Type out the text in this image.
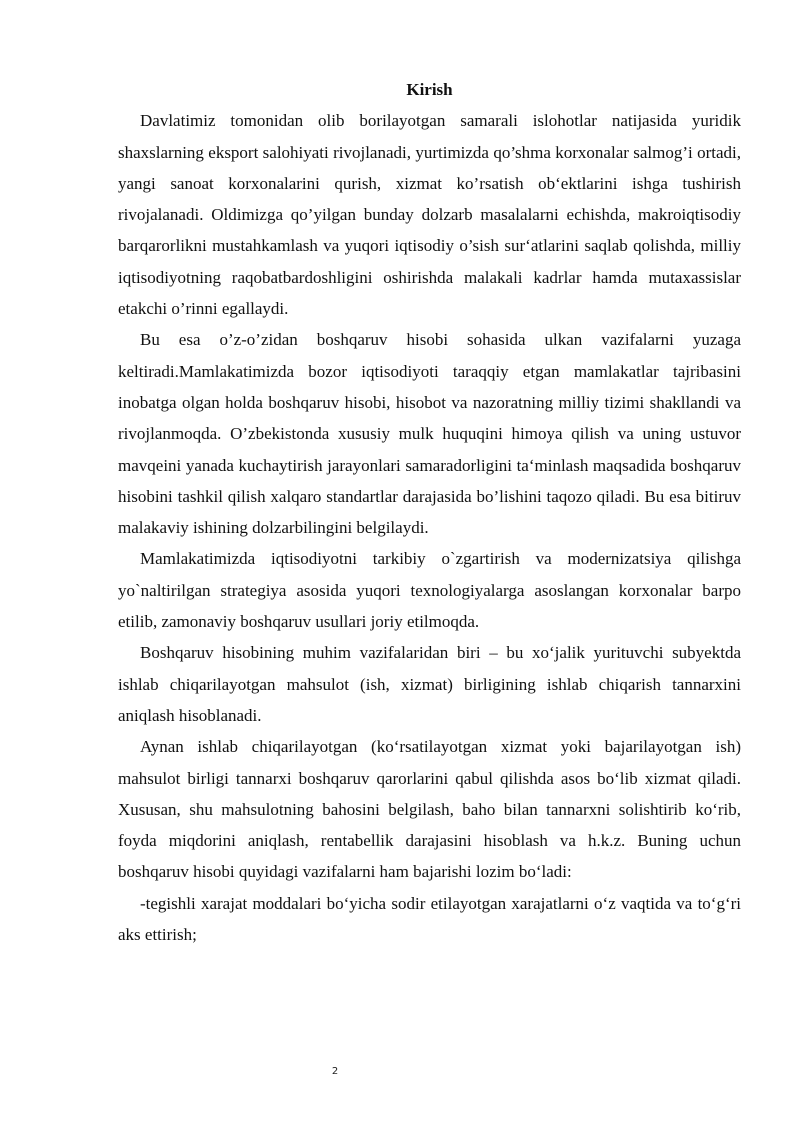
Kirish

Davlatimiz tomonidan olib borilayotgan samarali islohotlar natijasida yuridik shaxslarning eksport salohiyati rivojlanadi, yurtimizda qo’shma korxonalar salmog’i ortadi, yangi sanoat korxonalarini qurish, xizmat ko’rsatish ob‘ektlarini ishga tushirish rivojalanadi. Oldimizga qo’yilgan bunday dolzarb masalalarni echishda, makroiqtisodiy barqarorlikni mustahkamlash va yuqori iqtisodiy o’sish sur‘atlarini saqlab qolishda, milliy iqtisodiyotning raqobatbardoshligini oshirishda malakali kadrlar hamda mutaxassislar etakchi o’rinni egallaydi.

Bu esa o’z-o’zidan boshqaruv hisobi sohasida ulkan vazifalarni yuzaga keltiradi.Mamlakatimizda bozor iqtisodiyoti taraqqiy etgan mamlakatlar tajribasini inobatga olgan holda boshqaruv hisobi, hisobot va nazoratning milliy tizimi shakllandi va rivojlanmoqda. O’zbekistonda xususiy mulk huquqini himoya qilish va uning ustuvor mavqeini yanada kuchaytirish jarayonlari samaradorligini ta‘minlash maqsadida boshqaruv hisobini tashkil qilish xalqaro standartlar darajasida bo’lishini taqozo qiladi. Bu esa bitiruv malakaviy ishining dolzarbilingini belgilaydi.

Mamlakatimizda iqtisodiyotni tarkibiy o`zgartirish va modernizatsiya qilishga yo`naltirilgan strategiya asosida yuqori texnologiyalarga asoslangan korxonalar barpo etilib, zamonaviy boshqaruv usullari joriy etilmoqda.

Boshqaruv hisobining muhim vazifalaridan biri – bu xo‘jalik yurituvchi subyektda ishlab chiqarilayotgan mahsulot (ish, xizmat) birligining ishlab chiqarish tannarxini aniqlash hisoblanadi.

Aynan ishlab chiqarilayotgan (ko‘rsatilayotgan xizmat yoki bajarilayotgan ish) mahsulot birligi tannarxi boshqaruv qarorlarini qabul qilishda asos bo‘lib xizmat qiladi. Xususan, shu mahsulotning bahosini belgilash, baho bilan tannarxni solishtirib ko‘rib, foyda miqdorini aniqlash, rentabellik darajasini hisoblash va h.k.z. Buning uchun boshqaruv hisobi quyidagi vazifalarni ham bajarishi lozim bo‘ladi:

-tegishli xarajat moddalari bo‘yicha sodir etilayotgan xarajatlarni o‘z vaqtida va to‘g‘ri aks ettirish;

2
